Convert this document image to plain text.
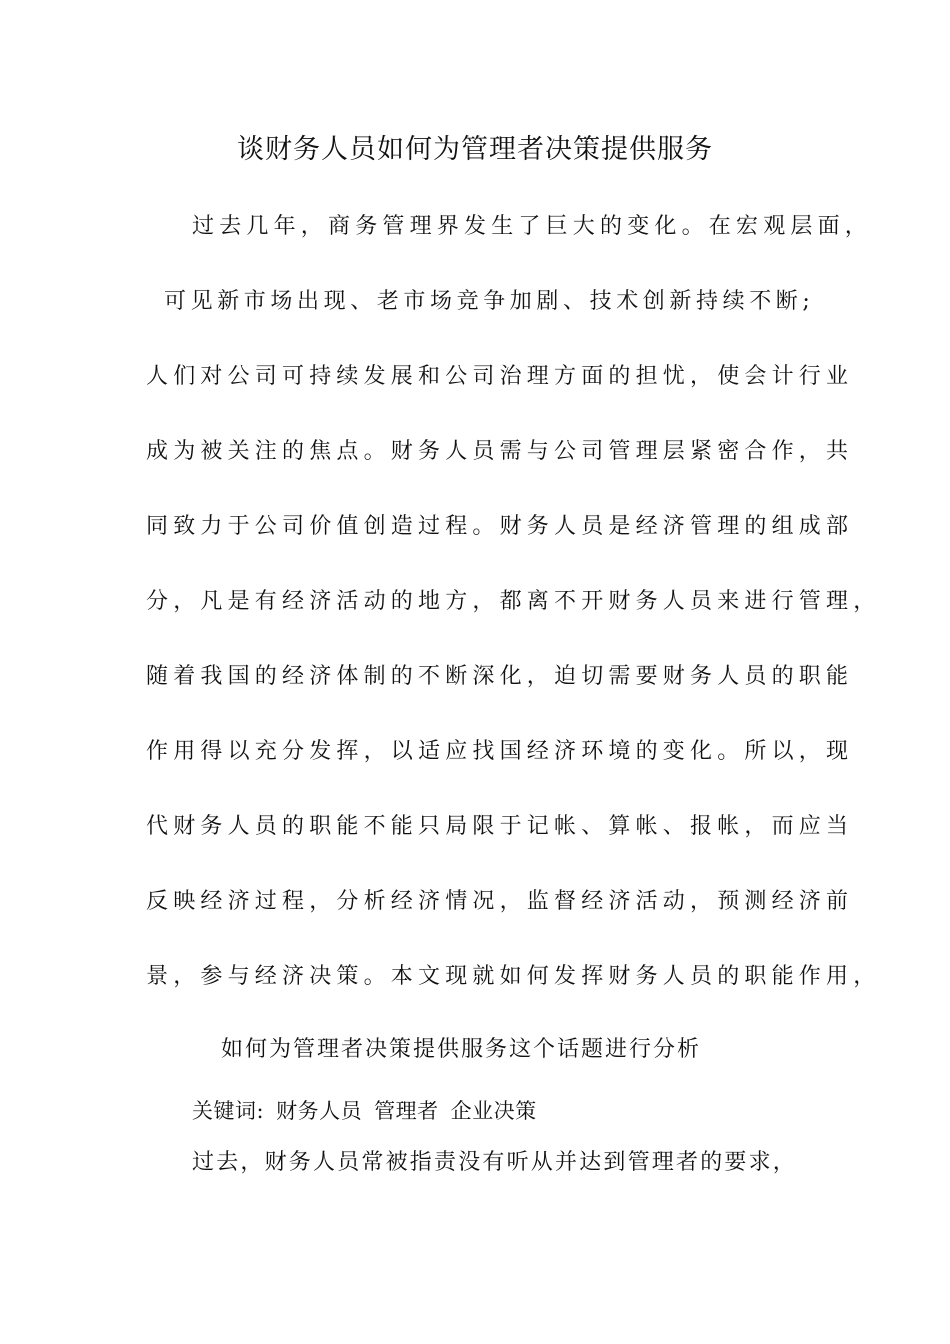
谈财务人员如何为管理者决策提供服务
过去几年，商务管理界发生了巨大的变化。在宏观层面，
可见新市场出现、老市场竞争加剧、技术创新持续不断;
人们对公司可持续发展和公司治理方面的担忧，使会计行业
成为被关注的焦点。财务人员需与公司管理层紧密合作，共
同致力于公司价值创造过程。财务人员是经济管理的组成部
分，凡是有经济活动的地方，都离不开财务人员来进行管理，
随着我国的经济体制的不断深化，迫切需要财务人员的职能
作用得以充分发挥，以适应找国经济环境的变化。所以，现
代财务人员的职能不能只局限于记帐、算帐、报帐，而应当
反映经济过程，分析经济情况，监督经济活动，预测经济前
景，参与经济决策。本文现就如何发挥财务人员的职能作用，
如何为管理者决策提供服务这个话题进行分析
关键词: 财务人员 管理者 企业决策
过去，财务人员常被指责没有听从并达到管理者的要求，
